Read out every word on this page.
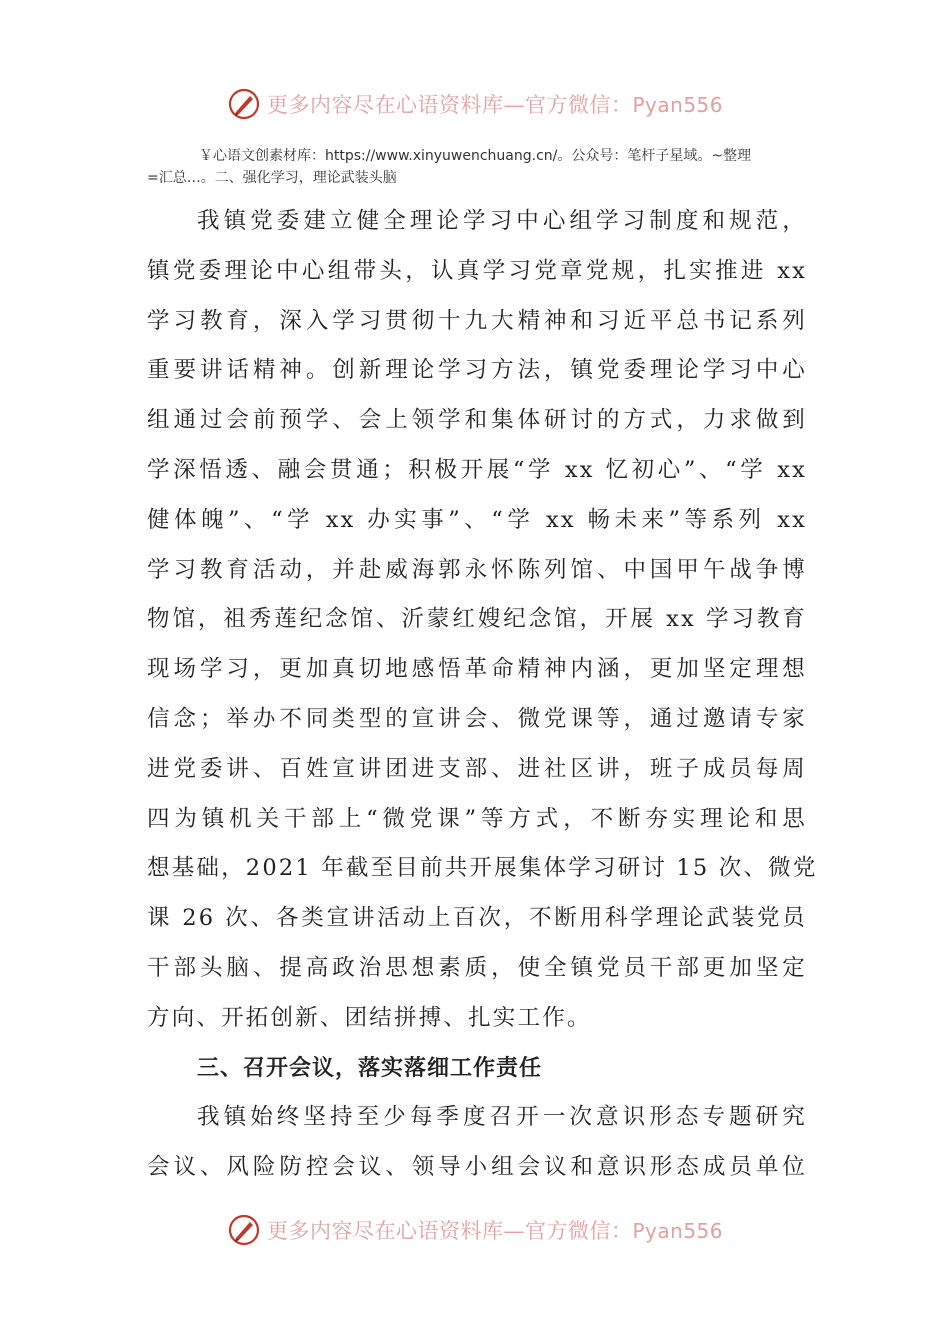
更多内容尽在心语资料库—官方微信：Pyan556
￥心语文创素材库：https://www.xinyuwenchuang.cn/。公众号：笔杆子星域。~整理
=汇总…。二、强化学习，理论武装头脑
我镇党委建立健全理论学习中心组学习制度和规范，
镇党委理论中心组带头，认真学习党章党规，扎实推进 xx
学习教育，深入学习贯彻十九大精神和习近平总书记系列
重要讲话精神。创新理论学习方法，镇党委理论学习中心
组通过会前预学、会上领学和集体研讨的方式，力求做到
学深悟透、融会贯通；积极开展“学 xx 忆初心”、“学 xx
健体魄”、“学 xx 办实事”、“学 xx 畅未来”等系列 xx
学习教育活动，并赴威海郭永怀陈列馆、中国甲午战争博
物馆，祖秀莲纪念馆、沂蒙红嫂纪念馆，开展 xx 学习教育
现场学习，更加真切地感悟革命精神内涵，更加坚定理想
信念；举办不同类型的宣讲会、微党课等，通过邀请专家
进党委讲、百姓宣讲团进支部、进社区讲，班子成员每周
四为镇机关干部上“微党课”等方式，不断夯实理论和思
想基础，2021 年截至目前共开展集体学习研讨 15 次、微党
课 26 次、各类宣讲活动上百次，不断用科学理论武装党员
干部头脑、提高政治思想素质，使全镇党员干部更加坚定
方向、开拓创新、团结拼搏、扎实工作。
三、召开会议，落实落细工作责任
我镇始终坚持至少每季度召开一次意识形态专题研究
会议、风险防控会议、领导小组会议和意识形态成员单位
更多内容尽在心语资料库—官方微信：Pyan556
